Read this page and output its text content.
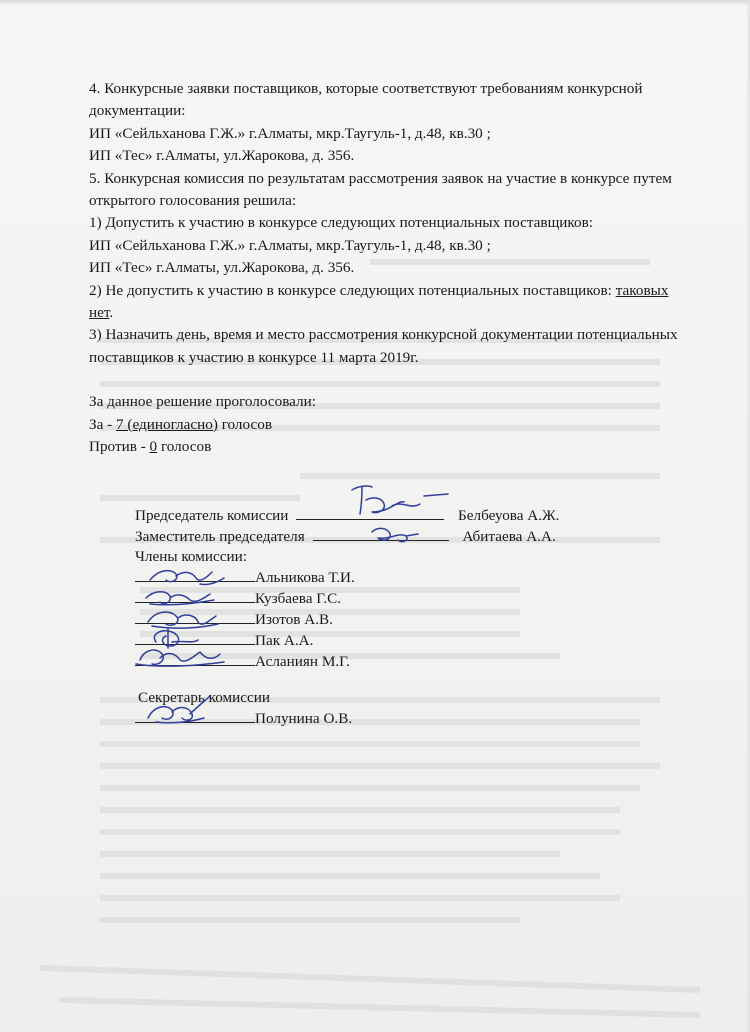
4. Конкурсные заявки поставщиков, которые соответствуют требованиям конкурсной документации:

ИП «Сейльханова Г.Ж.» г.Алматы, мкр.Таугуль-1, д.48, кв.30 ;

ИП «Тес» г.Алматы, ул.Жарокова, д. 356.

5. Конкурсная комиссия по результатам рассмотрения заявок на участие в конкурсе путем открытого голосования решила:

1) Допустить к участию в конкурсе следующих потенциальных поставщиков:

ИП «Сейльханова Г.Ж.» г.Алматы, мкр.Таугуль-1, д.48, кв.30 ;

ИП «Тес» г.Алматы, ул.Жарокова, д. 356.

2) Не допустить к участию в конкурсе следующих потенциальных поставщиков: таковых нет.

3) Назначить день, время и место рассмотрения конкурсной документации потенциальных поставщиков к участию в конкурсе 11 марта 2019г.

За данное решение проголосовали:

За - 7 (единогласно) голосов

Против - 0 голосов

Председатель комиссии	Белбеуова А.Ж.
Заместитель председателя	Абитаева А.А.
Члены комиссии:
Альникова Т.И.
Кузбаева Г.С.
Изотов А.В.
Пак А.А.
Асланиян М.Г.
Секретарь комиссии
Полунина О.В.
